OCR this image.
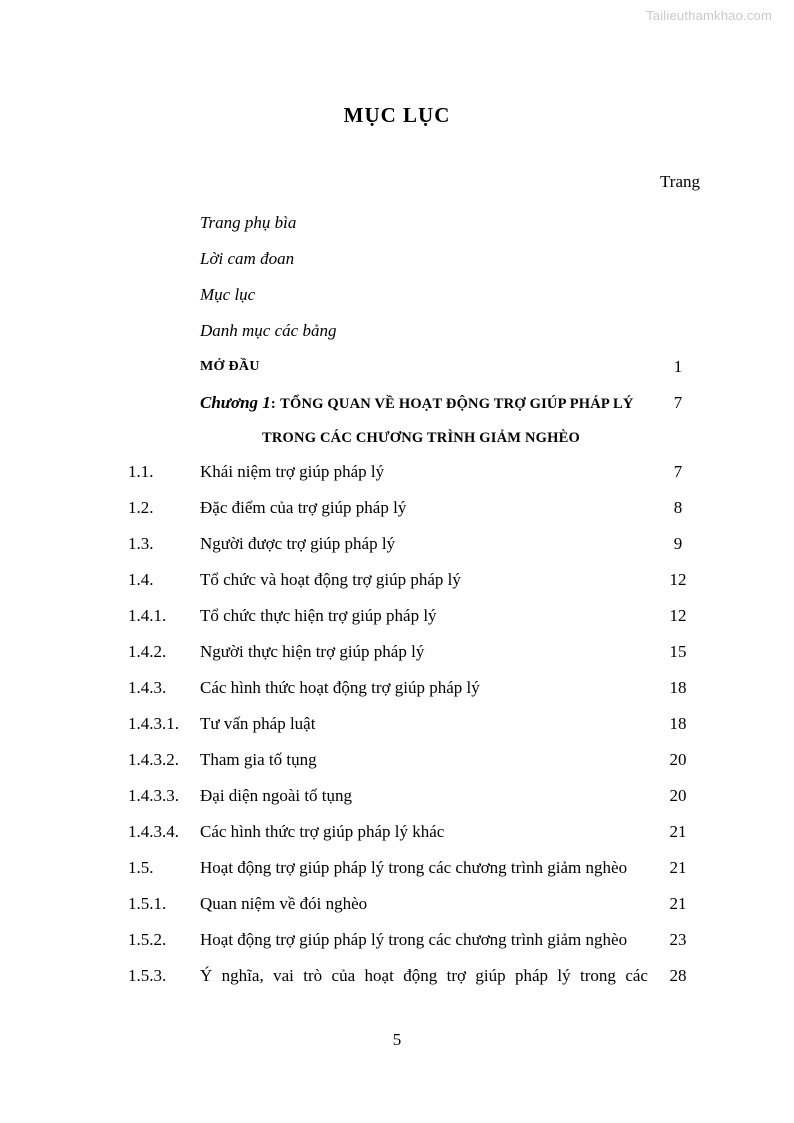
Tailieuthamkhao.com
MỤC LỤC
Trang
Trang phụ bìa
Lời cam đoan
Mục lục
Danh mục các bảng
MỞ ĐẦU	1
Chương 1: TỔNG QUAN VỀ HOẠT ĐỘNG TRỢ GIÚP PHÁP LÝ	7
TRONG CÁC CHƯƠNG TRÌNH GIẢM NGHÈO
1.1.	Khái niệm trợ giúp pháp lý	7
1.2.	Đặc điểm của trợ giúp pháp lý	8
1.3.	Người được trợ giúp pháp lý	9
1.4.	Tổ chức và hoạt động trợ giúp pháp lý	12
1.4.1.	Tổ chức thực hiện trợ giúp pháp lý	12
1.4.2.	Người thực hiện trợ giúp pháp lý	15
1.4.3.	Các hình thức hoạt động trợ giúp pháp lý	18
1.4.3.1.	Tư vấn pháp luật	18
1.4.3.2.	Tham gia tố tụng	20
1.4.3.3.	Đại diện ngoài tố tụng	20
1.4.3.4.	Các hình thức trợ giúp pháp lý khác	21
1.5.	Hoạt động trợ giúp pháp lý trong các chương trình giảm nghèo	21
1.5.1.	Quan niệm về đói nghèo	21
1.5.2.	Hoạt động trợ giúp pháp lý trong các chương trình giảm nghèo	23
1.5.3.	Ý nghĩa, vai trò của hoạt động trợ giúp pháp lý trong các	28
5
